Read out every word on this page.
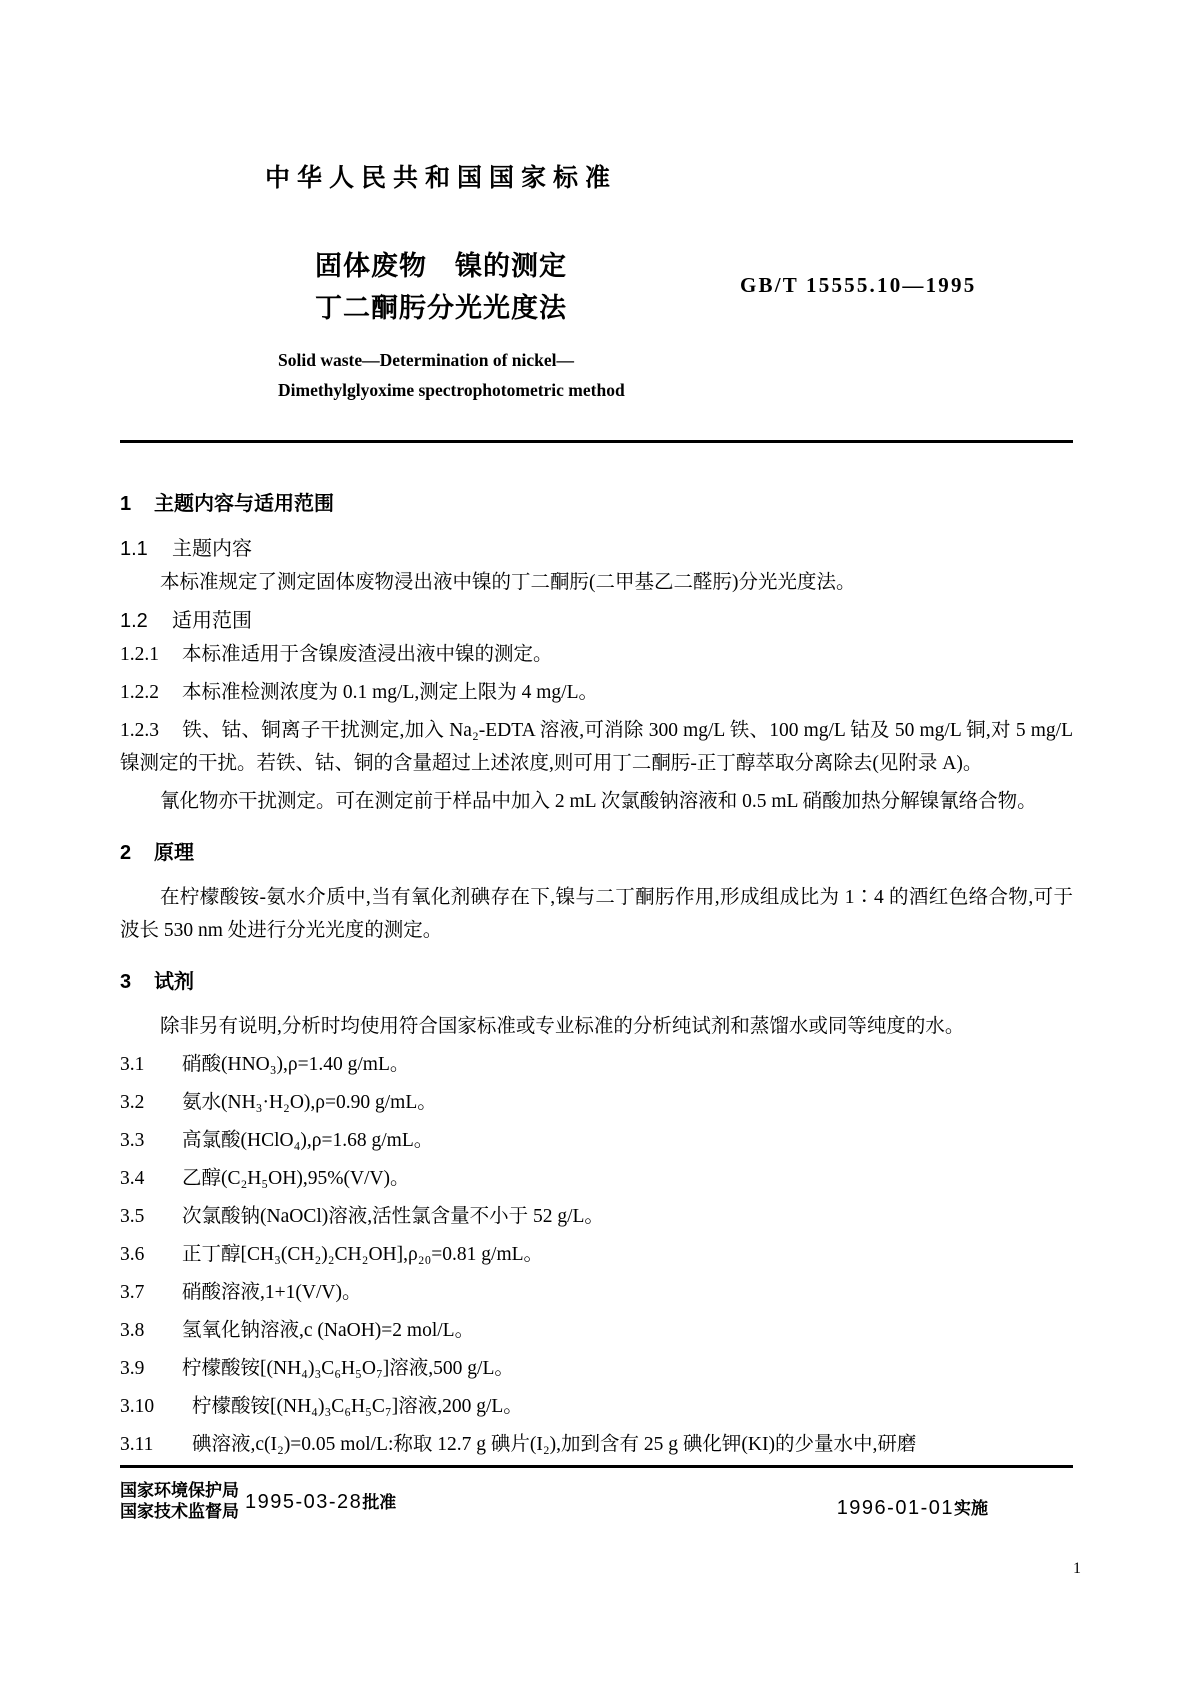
中华人民共和国国家标准
固体废物 镍的测定
丁二酮肟分光光度法
GB/T 15555.10—1995
Solid waste—Determination of nickel—
Dimethylglyoxime spectrophotometric method
1 主题内容与适用范围
1.1 主题内容
本标准规定了测定固体废物浸出液中镍的丁二酮肟(二甲基乙二醛肟)分光光度法。
1.2 适用范围
1.2.1 本标准适用于含镍废渣浸出液中镍的测定。
1.2.2 本标准检测浓度为 0.1 mg/L,测定上限为 4 mg/L。
1.2.3 铁、钴、铜离子干扰测定,加入 Na₂-EDTA 溶液,可消除 300 mg/L 铁、100 mg/L 钴及 50 mg/L 铜,对 5 mg/L 镍测定的干扰。若铁、钴、铜的含量超过上述浓度,则可用丁二酮肟-正丁醇萃取分离除去(见附录 A)。
氰化物亦干扰测定。可在测定前于样品中加入 2 mL 次氯酸钠溶液和 0.5 mL 硝酸加热分解镍氰络合物。
2 原理
在柠檬酸铵-氨水介质中,当有氧化剂碘存在下,镍与二丁酮肟作用,形成组成比为 1∶4 的酒红色络合物,可于波长 530 nm 处进行分光光度的测定。
3 试剂
除非另有说明,分析时均使用符合国家标准或专业标准的分析纯试剂和蒸馏水或同等纯度的水。
3.1 硝酸(HNO₃),ρ=1.40 g/mL。
3.2 氨水(NH₃·H₂O),ρ=0.90 g/mL。
3.3 高氯酸(HClO₄),ρ=1.68 g/mL。
3.4 乙醇(C₂H₅OH),95%(V/V)。
3.5 次氯酸钠(NaOCl)溶液,活性氯含量不小于 52 g/L。
3.6 正丁醇[CH₃(CH₂)₂CH₂OH],ρ₂₀=0.81 g/mL。
3.7 硝酸溶液,1+1(V/V)。
3.8 氢氧化钠溶液,c (NaOH)=2 mol/L。
3.9 柠檬酸铵[(NH₄)₃C₆H₅O₇]溶液,500 g/L。
3.10 柠檬酸铵[(NH₄)₃C₆H₅C₇]溶液,200 g/L。
3.11 碘溶液,c(I₂)=0.05 mol/L:称取 12.7 g 碘片(I₂),加到含有 25 g 碘化钾(KI)的少量水中,研磨
国家环境保护局
国家技术监督局 1995-03-28批准	1996-01-01实施
1
